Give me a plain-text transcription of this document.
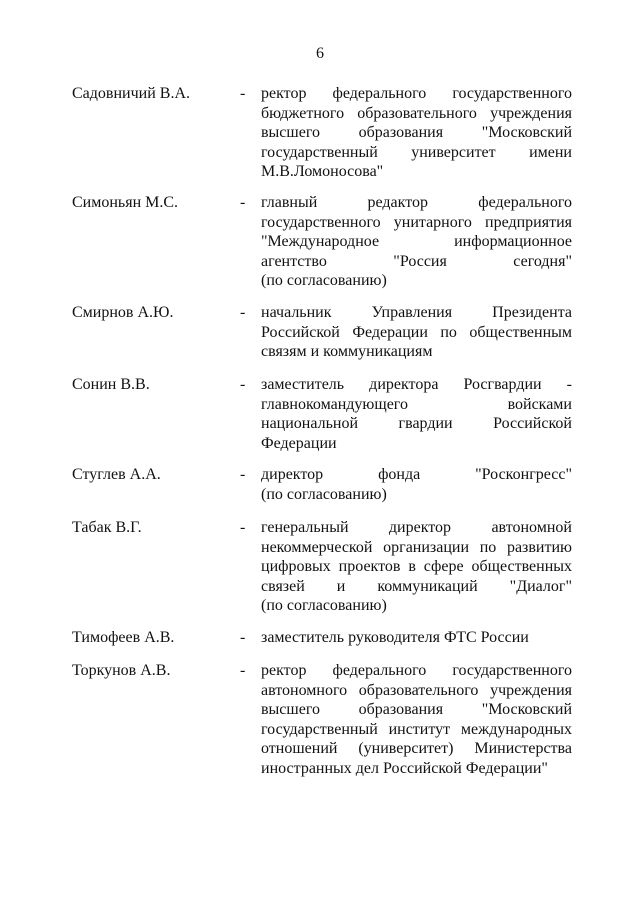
6
Садовничий В.А.	- ректор федерального государственного
бюджетного образовательного учреждения
высшего образования "Московский
государственный университет имени
М.В.Ломоносова"
Симоньян М.С.	- главный редактор федерального
государственного унитарного предприятия
"Международное информационное
агентство "Россия сегодня"
(по согласованию)
Смирнов А.Ю.	- начальник Управления Президента
Российской Федерации по общественным
связям и коммуникациям
Сонин В.В.	- заместитель директора Росгвардии -
главнокомандующего войсками
национальной гвардии Российской
Федерации
Стуглев А.А.	- директор фонда "Росконгресс"
(по согласованию)
Табак В.Г.	- генеральный директор автономной
некоммерческой организации по развитию
цифровых проектов в сфере общественных
связей и коммуникаций "Диалог"
(по согласованию)
Тимофеев А.В.	- заместитель руководителя ФТС России
Торкунов А.В.	- ректор федерального государственного
автономного образовательного учреждения
высшего образования "Московский
государственный институт международных
отношений (университет) Министерства
иностранных дел Российской Федерации"
